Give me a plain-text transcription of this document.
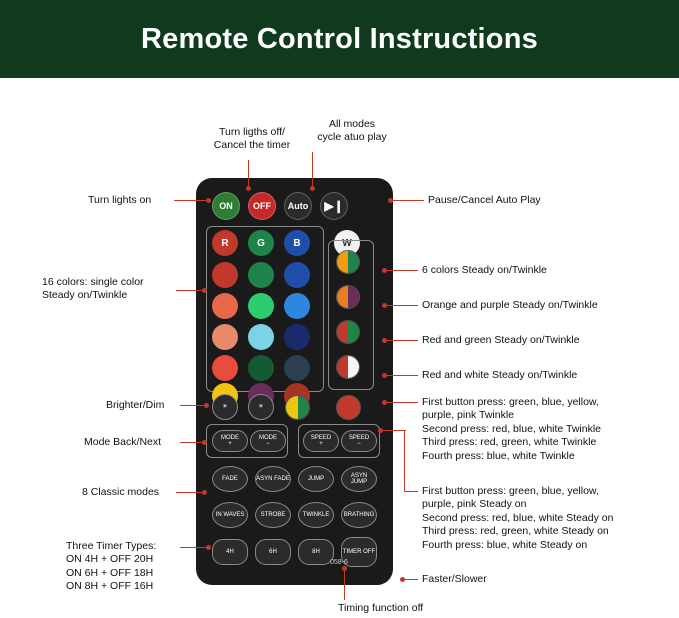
Remote Control Instructions
ON	OFF	Auto	▶❙
R	G	B	W
☀	☀
MODE
+
MODE
−
SPEED
+
SPEED
−
FADE	ASYN FADE	JUMP
ASYN JUMP
IN WAVES	STROBE	TWINKLE BRATHING
4H	6H	8H	TIMER OFF
058-6
Turn ligths off/
Cancel the timer
All modes
cycle atuo play
Turn lights on	Pause/Cancel Auto Play
16 colors: single color
Steady on/Twinkle
6 colors Steady on/Twinkle
Orange and purple Steady on/Twinkle
Red and green Steady on/Twinkle
Red and white Steady on/Twinkle
Brighter/Dim
Mode Back/Next
8 Classic modes
First button press: green, blue, yellow,
purple, pink Twinkle
Second press: red, blue, white Twinkle
Third press: red, green, white Twinkle
Fourth press: blue, white Twinkle
First button press: green, blue, yellow,
purple, pink Steady on
Second press: red, blue, white Steady on
Third press: red, green, white Steady on
Fourth press: blue, white Steady on
Faster/Slower
Timing function off
Three Timer Types:
ON 4H + OFF 20H
ON 6H + OFF 18H
ON 8H + OFF 16H
